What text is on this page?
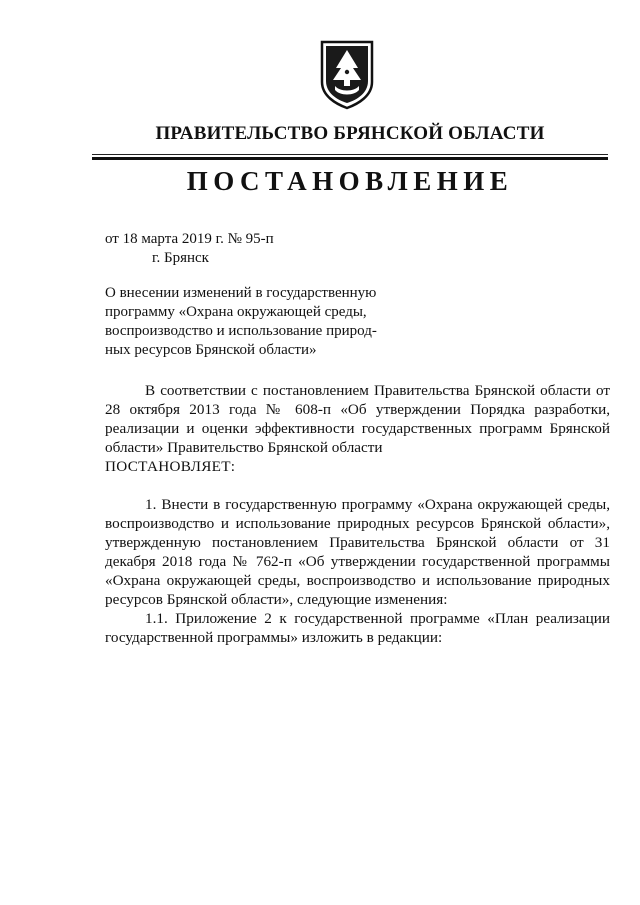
ПРАВИТЕЛЬСТВО БРЯНСКОЙ ОБЛАСТИ
ПОСТАНОВЛЕНИЕ
от 18 марта 2019 г. № 95-п
г. Брянск
О внесении изменений в государственную
программу «Охрана окружающей среды,
воспроизводство и использование природ-
ных ресурсов Брянской области»

В соответствии с постановлением Правительства Брянской области от 28 октября 2013 года № 608-п «Об утверждении Порядка разработки, реализации и оценки эффективности государственных программ Брянской области» Правительство Брянской области

ПОСТАНОВЛЯЕТ:

1. Внести в государственную программу «Охрана окружающей среды, воспроизводство и использование природных ресурсов Брянской области», утвержденную постановлением Правительства Брянской области от 31 декабря 2018 года № 762-п «Об утверждении государственной программы «Охрана окружающей среды, воспроизводство и использование природных ресурсов Брянской области», следующие изменения:

1.1. Приложение 2 к государственной программе «План реализации государственной программы» изложить в редакции:
